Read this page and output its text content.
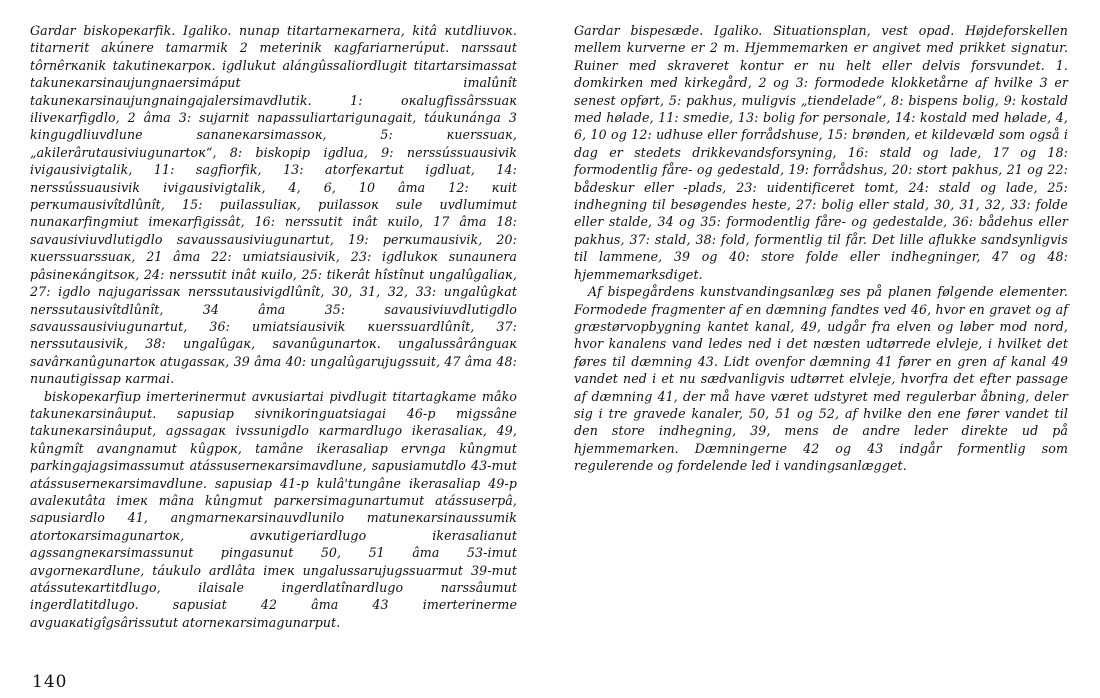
Gardar biskopeĸarfik. Igaliko. nunap titartarneĸarnera, kitâ ĸutdliuvoĸ. titarnerit akúnere tamarmik 2 meterinik ĸagfariarnerúput. narssaut tôrnêrĸanik takutineĸarpoĸ. igdlukut alángûssaliordlugit titartarsimassat takuneĸarsinaujungnaersimáput imalûnît takuneĸarsinaujungnaingajalersimavdlutik. 1: oĸalugfissârssuaĸ iliveĸarfigdlo, 2 âma 3: sujarnit napassuliartarigunagait, táukunánga 3 kingugdliuvdlune sananeĸarsimassoĸ, 5: ĸuerssuaĸ, „akilerârutausiviugunartoĸ“, 8: biskopip igdlua, 9: nerssússuausivik ivigausivigtalik, 11: sagfiorfik, 13: atorfeĸartut igdluat, 14: nerssússuausivik ivigausivigtalik, 4, 6, 10 âma 12: ĸuit perĸumausivîtdlûnît, 15: puilassuliaĸ, puilassoĸ sule uvdlumimut nunaĸarfingmiut imeĸarfigissât, 16: nerssutit inât ĸuilo, 17 âma 18: savausiviuvdlutigdlo savaussausiviugunartut, 19: perĸumausivik, 20: ĸuerssuarssuaĸ, 21 âma 22: umiatsiausivik, 23: igdlukoĸ sunaunera pâsineĸángitsoĸ, 24: nerssutit inât ĸuilo, 25: tikerât hîstînut ungalûgaliaĸ, 27: igdlo najugarissaĸ nerssutausivigdlûnît, 30, 31, 32, 33: ungalûgkat nerssutausivîtdlûnît, 34 âma 35: savausiviuvdlutigdlo savaussausiviugunartut, 36: umiatsiausivik ĸuerssuardlûnît, 37: nerssutausivik, 38: ungalûgaĸ, savanûgunartoĸ. ungalussârânguaĸ savârĸanûgunartoĸ atugassaĸ, 39 âma 40: ungalûgarujugssuit, 47 âma 48: nunautigissap ĸarmai.

biskopeĸarfiup imerterinermut avĸusiartai pivdlugit titartagkame mâko takuneĸarsinâuput. sapusiap sivnikoringuatsiagai 46-p migssâne takuneĸarsinâuput, agssagaĸ ivssunigdlo ĸarmardlugo ikerasaliaĸ, 49, kûngmît avangnamut kûgpoĸ, tamâne ikerasaliap ervnga kûngmut parkingajagsimassumut atássuserneĸarsimavdlune, sapusiamutdlo 43-mut atássuserneĸarsimavdlune. sapusiap 41-p kulâ'tungâne ikerasaliap 49-p avaleĸutâta imeĸ mâna kûngmut parĸersimagunartumut atássuserpâ, sapusiardlo 41, angmarneĸarsinauvdlunilo matuneĸarsinaussumik atortoĸarsimagunartoĸ, avĸutigeriardlugo ikerasalianut agssangneĸarsimassunut pingasunut 50, 51 âma 53-imut avgorneĸardlune, táukulo ardlâta imeĸ ungalussarujugssuarmut 39-mut atássuteĸartitdlugo, ilaisale ingerdlatînardlugo narssâumut ingerdlatitdlugo. sapusiat 42 âma 43 imerterinerme avguaĸatigîgsârissutut atorneĸarsimagunarput.

Gardar bispesæde. Igaliko. Situationsplan, vest opad. Højdeforskellen mellem kurverne er 2 m. Hjemmemarken er angivet med prikket signatur. Ruiner med skraveret kontur er nu helt eller delvis forsvundet. 1. domkirken med kirkegård, 2 og 3: formodede klokketårne af hvilke 3 er senest opført, 5: pakhus, muligvis „tiendelade“, 8: bispens bolig, 9: kostald med hølade, 11: smedie, 13: bolig for personale, 14: kostald med hølade, 4, 6, 10 og 12: udhuse eller forrådshuse, 15: brønden, et kildevæld som også i dag er stedets drikkevandsforsyning, 16: stald og lade, 17 og 18: formodentlig fåre- og gedestald, 19: forrådshus, 20: stort pakhus, 21 og 22: bådeskur eller -plads, 23: uidentificeret tomt, 24: stald og lade, 25: indhegning til besøgendes heste, 27: bolig eller stald, 30, 31, 32, 33: folde eller stalde, 34 og 35: formodentlig fåre- og gedestalde, 36: bådehus eller pakhus, 37: stald, 38: fold, formentlig til får. Det lille aflukke sandsynligvis til lammene, 39 og 40: store folde eller indhegninger, 47 og 48: hjemmemarksdiget.

Af bispegårdens kunstvandingsanlæg ses på planen følgende elementer. Formodede fragmenter af en dæmning fandtes ved 46, hvor en gravet og af græstørvopbygning kantet kanal, 49, udgår fra elven og løber mod nord, hvor kanalens vand ledes ned i det næsten udtørrede elvleje, i hvilket det føres til dæmning 43. Lidt ovenfor dæmning 41 fører en gren af kanal 49 vandet ned i et nu sædvanligvis udtørret elvleje, hvorfra det efter passage af dæmning 41, der må have været udstyret med regulerbar åbning, deler sig i tre gravede kanaler, 50, 51 og 52, af hvilke den ene fører vandet til den store indhegning, 39, mens de andre leder direkte ud på hjemmemarken. Dæmningerne 42 og 43 indgår formentlig som regulerende og fordelende led i vandingsanlægget.

140
